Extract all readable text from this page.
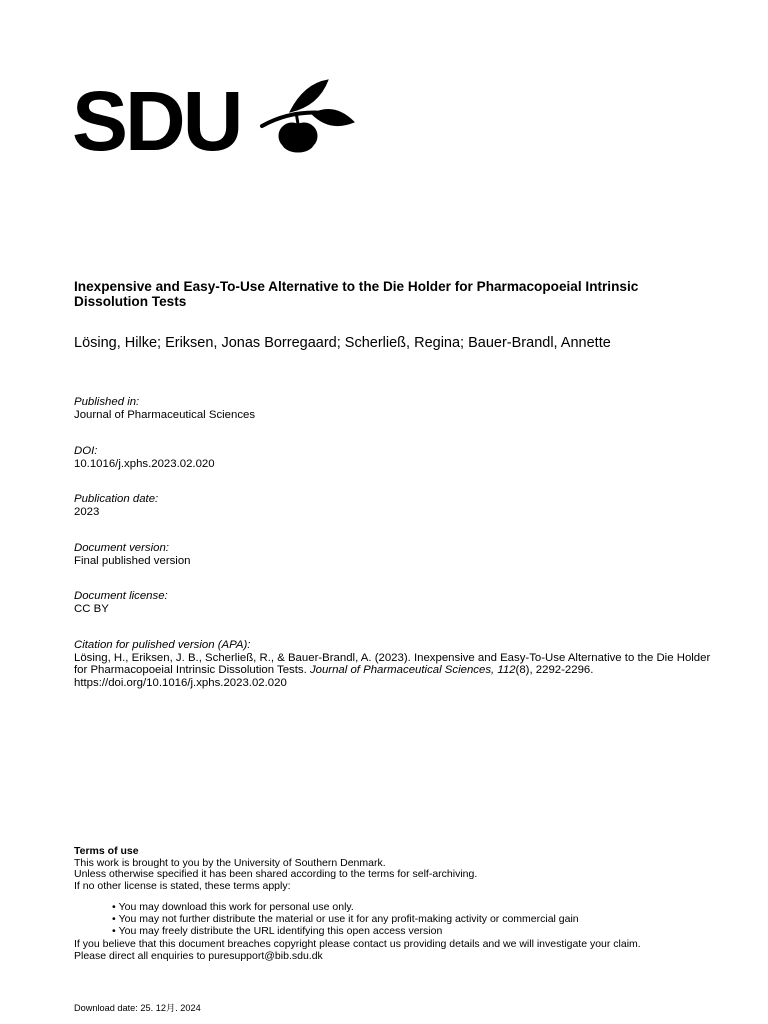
SDU
Inexpensive and Easy-To-Use Alternative to the Die Holder for Pharmacopoeial Intrinsic Dissolution Tests

Lösing, Hilke; Eriksen, Jonas Borregaard; Scherließ, Regina; Bauer-Brandl, Annette

Published in:
Journal of Pharmaceutical Sciences
DOI:
10.1016/j.xphs.2023.02.020
Publication date:
2023
Document version:
Final published version
Document license:
CC BY
Citation for pulished version (APA):
Lösing, H., Eriksen, J. B., Scherließ, R., & Bauer-Brandl, A. (2023). Inexpensive and Easy-To-Use Alternative to the Die Holder for Pharmacopoeial Intrinsic Dissolution Tests. Journal of Pharmaceutical Sciences, 112(8), 2292-2296. https://doi.org/10.1016/j.xphs.2023.02.020
Terms of use
This work is brought to you by the University of Southern Denmark.
Unless otherwise specified it has been shared according to the terms for self-archiving.
If no other license is stated, these terms apply:
• You may download this work for personal use only.
• You may not further distribute the material or use it for any profit-making activity or commercial gain
• You may freely distribute the URL identifying this open access version
If you believe that this document breaches copyright please contact us providing details and we will investigate your claim.
Please direct all enquiries to puresupport@bib.sdu.dk
Download date: 25. 12月. 2024
